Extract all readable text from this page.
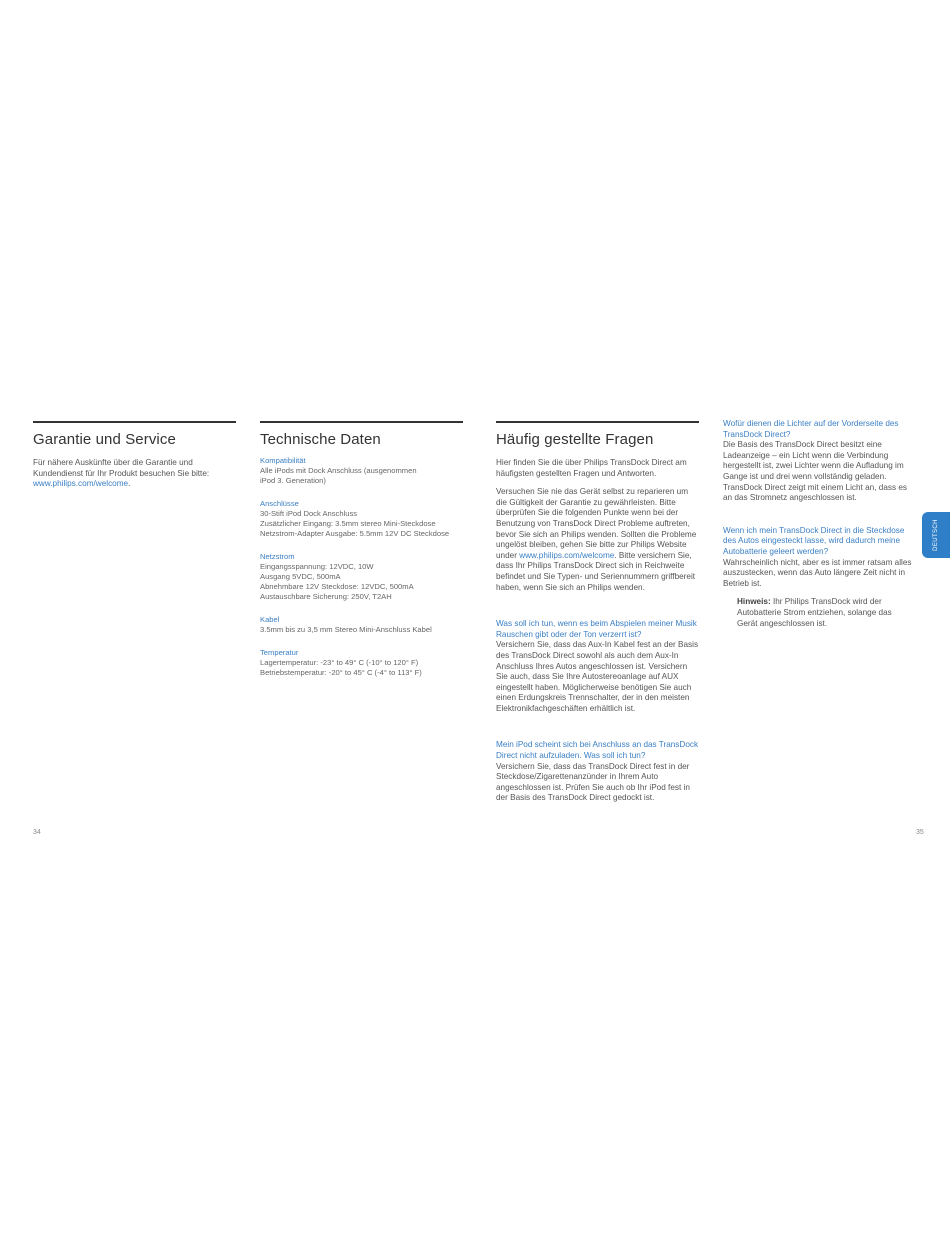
Garantie und Service

Für nähere Auskünfte über die Garantie und Kundendienst für Ihr Produkt besuchen Sie bitte:
www.philips.com/welcome.

Technische Daten

Kompatibilität

Alle iPods mit Dock Anschluss (ausgenommen

iPod 3. Generation)

Anschlüsse

30-Stift iPod Dock Anschluss

Zusätzlicher Eingang: 3.5mm stereo Mini-Steckdose

Netzstrom-Adapter Ausgabe: 5.5mm 12V DC Steckdose

Netzstrom

Eingangsspannung: 12VDC, 10W

Ausgang 5VDC, 500mA

Abnehmbare 12V Steckdose: 12VDC, 500mA

Austauschbare Sicherung: 250V, T2AH

Kabel

3.5mm bis zu 3,5 mm Stereo Mini-Anschluss Kabel

Temperatur

Lagertemperatur: -23° to 49° C (-10° to 120° F)

Betriebstemperatur: -20° to 45° C (-4° to 113° F)

Häufig gestellte Fragen

Hier finden Sie die über Philips TransDock Direct am häufigsten gestellten Fragen und Antworten.

Versuchen Sie nie das Gerät selbst zu reparieren um die Gültigkeit der Garantie zu gewährleisten. Bitte überprüfen Sie die folgenden Punkte wenn bei der Benutzung von TransDock Direct Probleme auftreten, bevor Sie sich an Philips wenden. Sollten die Probleme ungelöst bleiben, gehen Sie bitte zur Philips Website under www.philips.com/welcome. Bitte versichern Sie, dass Ihr Philips TransDock Direct sich in Reichweite befindet und Sie Typen- und Seriennummern griffbereit haben, wenn Sie sich an Philips wenden.

Was soll ich tun, wenn es beim Abspielen meiner Musik Rauschen gibt oder der Ton verzerrt ist?

Versichern Sie, dass das Aux-In Kabel fest an der Basis des TransDock Direct sowohl als auch dem Aux-In Anschluss Ihres Autos angeschlossen ist. Versichern Sie auch, dass Sie Ihre Autostereoanlage auf AUX eingestellt haben. Möglicherweise benötigen Sie auch einen Erdungskreis Trennschalter, der in den meisten Elektronikfachgeschäften erhältlich ist.

Mein iPod scheint sich bei Anschluss an das TransDock Direct nicht aufzuladen. Was soll ich tun?

Versichern Sie, dass das TransDock Direct fest in der Steckdose/Zigarettenanzünder in Ihrem Auto angeschlossen ist. Prüfen Sie auch ob Ihr iPod fest in der Basis des TransDock Direct gedockt ist.

Wofür dienen die Lichter auf der Vorderseite des TransDock Direct?

Die Basis des TransDock Direct besitzt eine Ladeanzeige – ein Licht wenn die Verbindung hergestellt ist, zwei Lichter wenn die Aufladung im Gange ist und drei wenn vollständig geladen. TransDock Direct zeigt mit einem Licht an, dass es an das Stromnetz angeschlossen ist.

Wenn ich mein TransDock Direct in die Steckdose des Autos eingesteckt lasse, wird dadurch meine Autobatterie geleert werden?

Wahrscheinlich nicht, aber es ist immer ratsam alles auszustecken, wenn das Auto längere Zeit nicht in Betrieb ist.

Hinweis: Ihr Philips TransDock wird der Autobatterie Strom entziehen, solange das Gerät angeschlossen ist.

DEUTSCH
34	35
